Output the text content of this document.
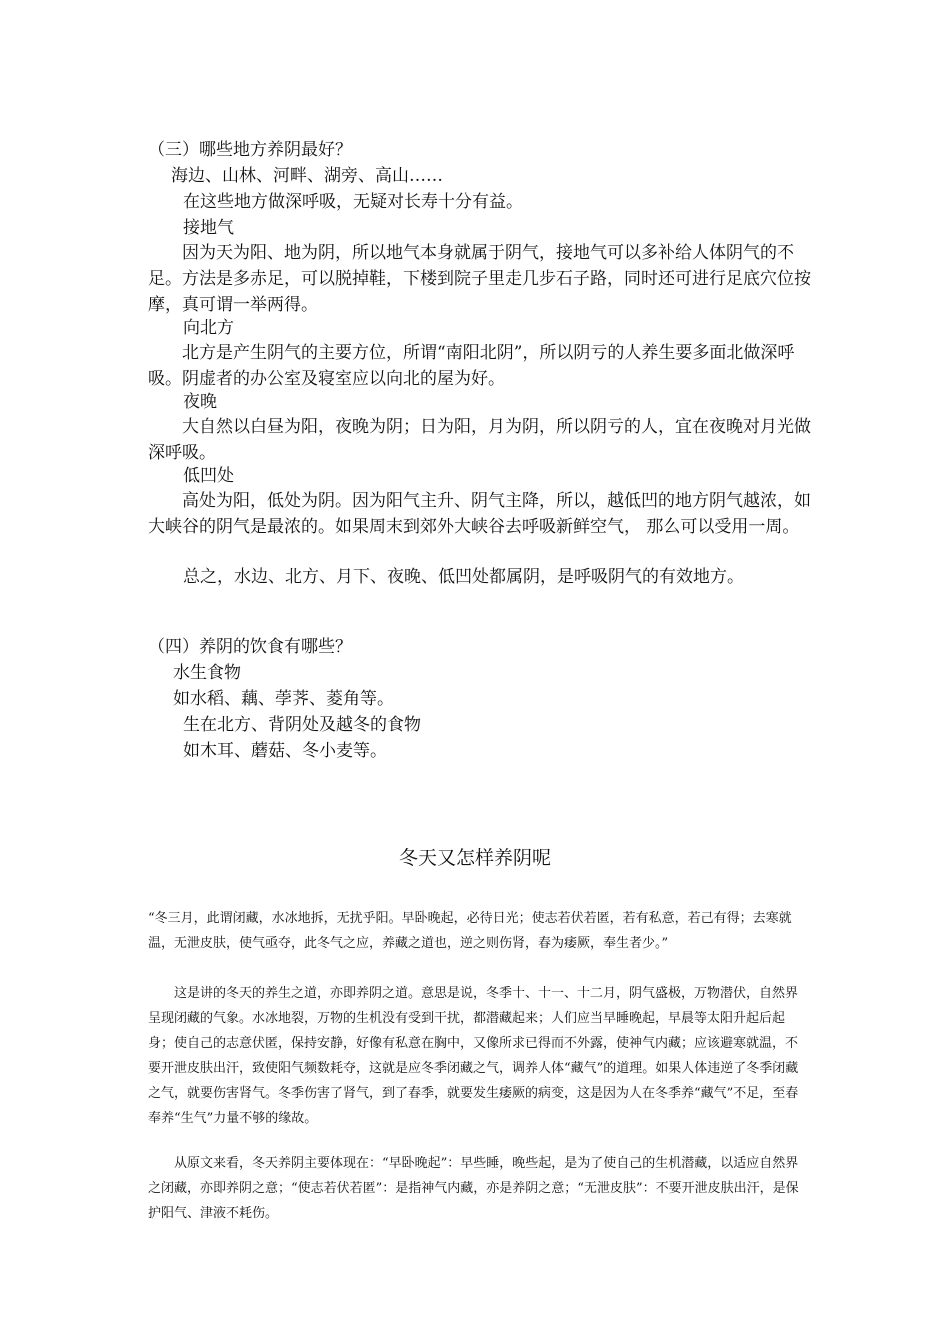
（三）哪些地方养阴最好？

海边、山林、河畔、湖旁、高山……

在这些地方做深呼吸，无疑对长寿十分有益。

接地气

因为天为阳、地为阴，所以地气本身就属于阴气，接地气可以多补给人体阴气的不足。方法是多赤足，可以脱掉鞋，下楼到院子里走几步石子路，同时还可进行足底穴位按摩，真可谓一举两得。

向北方

北方是产生阴气的主要方位，所谓“南阳北阴”，所以阴亏的人养生要多面北做深呼吸。阴虚者的办公室及寝室应以向北的屋为好。

夜晚

大自然以白昼为阳，夜晚为阴；日为阳，月为阴，所以阴亏的人，宜在夜晚对月光做深呼吸。

低凹处

高处为阳，低处为阴。因为阳气主升、阴气主降，所以，越低凹的地方阴气越浓，如大峡谷的阴气是最浓的。如果周末到郊外大峡谷去呼吸新鲜空气， 那么可以受用一周。

总之，水边、北方、月下、夜晚、低凹处都属阴，是呼吸阴气的有效地方。

（四）养阴的饮食有哪些？

水生食物

如水稻、藕、荸荠、菱角等。

生在北方、背阴处及越冬的食物

如木耳、蘑菇、冬小麦等。

冬天又怎样养阴呢

“冬三月，此谓闭藏，水冰地拆，无扰乎阳。早卧晚起，必待日光；使志若伏若匿，若有私意，若己有得；去寒就温，无泄皮肤，使气亟夺，此冬气之应，养藏之道也，逆之则伤肾，春为痿厥，奉生者少。”

这是讲的冬天的养生之道，亦即养阴之道。意思是说，冬季十、十一、十二月，阴气盛极，万物潜伏，自然界呈现闭藏的气象。水冰地裂，万物的生机没有受到干扰，都潜藏起来；人们应当早睡晚起，早晨等太阳升起后起身；使自己的志意伏匿，保持安静，好像有私意在胸中，又像所求已得而不外露，使神气内藏；应该避寒就温，不要开泄皮肤出汗，致使阳气频数耗夺，这就是应冬季闭藏之气，调养人体“藏气”的道理。如果人体违逆了冬季闭藏之气，就要伤害肾气。冬季伤害了肾气，到了春季，就要发生痿厥的病变，这是因为人在冬季养“藏气”不足，至春奉养“生气”力量不够的缘故。

从原文来看，冬天养阴主要体现在：“早卧晚起”：早些睡，晚些起，是为了使自己的生机潜藏，以适应自然界之闭藏，亦即养阴之意；“使志若伏若匿”：是指神气内藏，亦是养阴之意；“无泄皮肤”：不要开泄皮肤出汗，是保护阳气、津液不耗伤。
